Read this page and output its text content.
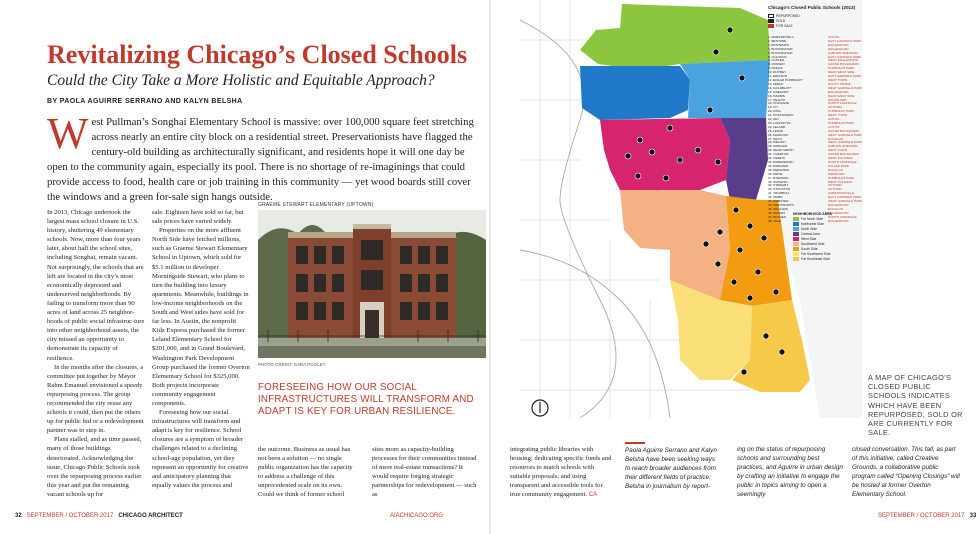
Revitalizing Chicago’s Closed Schools
Could the City Take a More Holistic and Equitable Approach?
BY PAOLA AGUIRRE SERRANO AND KALYN BELSHA
West Pullman’s Songhai Elementary School is massive: over 100,000 square feet stretching across nearly an entire city block on a residential street. Preservationists have flagged the century-old building as architecturally significant, and residents hope it will one day be open to the community again, especially its pool. There is no shortage of re-imaginings that could provide access to food, health care or job training in this community — yet wood boards still cover the windows and a green for-sale sign hangs outside.

In 2013, Chicago undertook the largest mass school closure in U.S. history, shuttering 49 elementary schools. Now, more than four years later, about half the school sites, including Songhai, remain vacant. Not surprisingly, the schools that are left are located in the city’s most economically depressed and underserved neighborhoods. By failing to transform more than 90 acres of land across 25 neighbor-hoods of public social infrastruc-ture into other neighborhood assets, the city missed an opportunity to demonstrate its capacity of resilience.

In the months after the closures, a committee put together by Mayor Rahm Emanuel envisioned a speedy repurposing process. The group recommended the city reuse any schools it could, then put the others up for public bid or a redevelopment partner was to step in.

Plans stalled, and as time passed, many of those buildings deteriorated. Acknowledging the issue, Chicago Public Schools took over the repurposing process earlier this year and put the remaining vacant schools up for

sale. Eighteen have sold so far, but sale prices have varied widely.

Properties on the more affluent North Side have fetched millions, such as Graeme Stewart Elementary School in Uptown, which sold for $5.1 million to developer Morningside Stewart, who plans to turn the building into luxury apartments. Meanwhile, buildings in low-income neighborhoods on the South and West sides have sold for far less. In Austin, the nonprofit Kidz Express purchased the former Leland Elementary School for $201,000, and in Grand Boulevard, Washington Park Development Group purchased the former Overton Elementary School for $325,000. Both projects incorporate community engagement components.

Foreseeing how our social infrastructures will transform and adapt is key for resilience. School closures are a symptom of broader challenges related to a declining school-age population, yet they represent an opportunity for creative and anticipatory planning that equally values the process and

GRAEME STEWART ELEMENTARY (UPTOWN)
PHOTO CREDIT: SARA POOLEY
FORESEEING HOW OUR SOCIAL INFRASTRUCTURES WILL TRANSFORM AND ADAPT IS KEY FOR URBAN RESILIENCE.

the outcome. Business as usual has not been a solution — no single public organization has the capacity to address a challenge of this unprecedented scale on its own. Could we think of former school

sites more as capacity-building processes for their communities instead of mere real-estate transactions? It would require forging strategic partnerships for redevelopment — such as

integrating public libraries with housing; dedicating specific funds and resources to match schools with suitable proposals; and using transparent and accessible tools for true community engagement. CA

Paola Aguirre Serrano and Kalyn Belsha have been seeking ways to reach broader audiences from their different fields of practice: Belsha in journalism by report-
ing on the status of repurposing schools and surrounding best practices; and Aguirre in urban design by crafting an initiative to engage the public in topics aiming to open a seemingly
closed conversation. This fall, as part of this initiative, called Creative Grounds, a collaborative public program called “Opening Closings” will be hosted at former Overton Elementary School.
Chicago’s Closed Public Schools (2013)
REPURPOSED
SOLD
FOR SALE
1. ARMSTRONG L.	AUSTIN
2. BETHUNE	EAST GARFIELD PARK
3. BONTEMPS	ENGLEWOOD
4. BUCKINGHAM	ENGLEWOOD
5. BUCKINGHAM	AUBURN GRESHAM
6. CALHOUN	EAST GARFIELD PARK
7. CASTER	WEST ENGLEWOOD
8. CONWAY	GRAND BOULEVARD
9. DUMAS	HUMBOLDT PARK
10. DUPREY	NEAR WEST SIDE
11. ERICSON	EAST GARFIELD PARK
12. EDGAR HUMBOLDT	WEST TOWN
13. FERMI	SOUTH SHORE
14. GOLDBLATT	WEST GARFIELD PARK
15. GREGORY	ENGLEWOOD
16. HARRIS	NEAR WEST SIDE
17. HEALTH	WOODLAWN
18. HOWLAND	NORTH LAWNDALE
19. IVY	UPTOWN
20. KING	HUMBOLDT PARK
21. KOSCIUSZKO	WEST TOWN
22. KEY	AUSTIN
23. LAFAYETTE	HUMBOLDT PARK
24. LELAND	AUSTIN
25. LEWIS	GRAND BOULEVARD
26. MARCONI	WEST GARFIELD PARK
27. MAYO	DOUGLAS
28. MELODY	WEST GARFIELD PARK
29. MORGAN	AUBURN GRESHAM
30. NEAR NORTH	WEST TOWN
31. OVERTON	GRAND BOULEVARD
32. OWENS	WEST PULLMAN
33. PADEREWSKI	NORTH LAWNDALE
34. PARKMAN	FULLER PARK
35. PERSHING	DOUGLAS
36. PRICE	KENWOOD
37. RYERSON	HUMBOLDT PARK
38. SONGHAI	WEST PULLMAN
39. STEWART	UPTOWN
40. STOCKTON	UPTOWN
41. TRUMBULL	ANDERSONVILLE
42. WARD	EAST GARFIELD PARK
43. WEBSTER	WEST GARFIELD PARK
44. WENTWORTH	ENGLEWOOD
45. WILLIAMS	DOUGLAS
46. WOODS	ENGLEWOOD
47. HOLDEN	NORTH LAWNDALE
48. YALE	ENGLEWOOD
NEIGHBORHOOD AREA
Far North Side
Northwest Side
North Side
Central Area
West Side
Southwest Side
South Side
Far Southwest Side
Far Southeast Side
A MAP OF CHICAGO’S CLOSED PUBLIC SCHOOLS INDICATES WHICH HAVE BEEN REPURPOSED, SOLD OR ARE CURRENTLY FOR SALE.
32 SEPTEMBER / OCTOBER 2017 CHICAGO ARCHITECT	AIACHICAGO.ORG	SEPTEMBER / OCTOBER 2017 33
